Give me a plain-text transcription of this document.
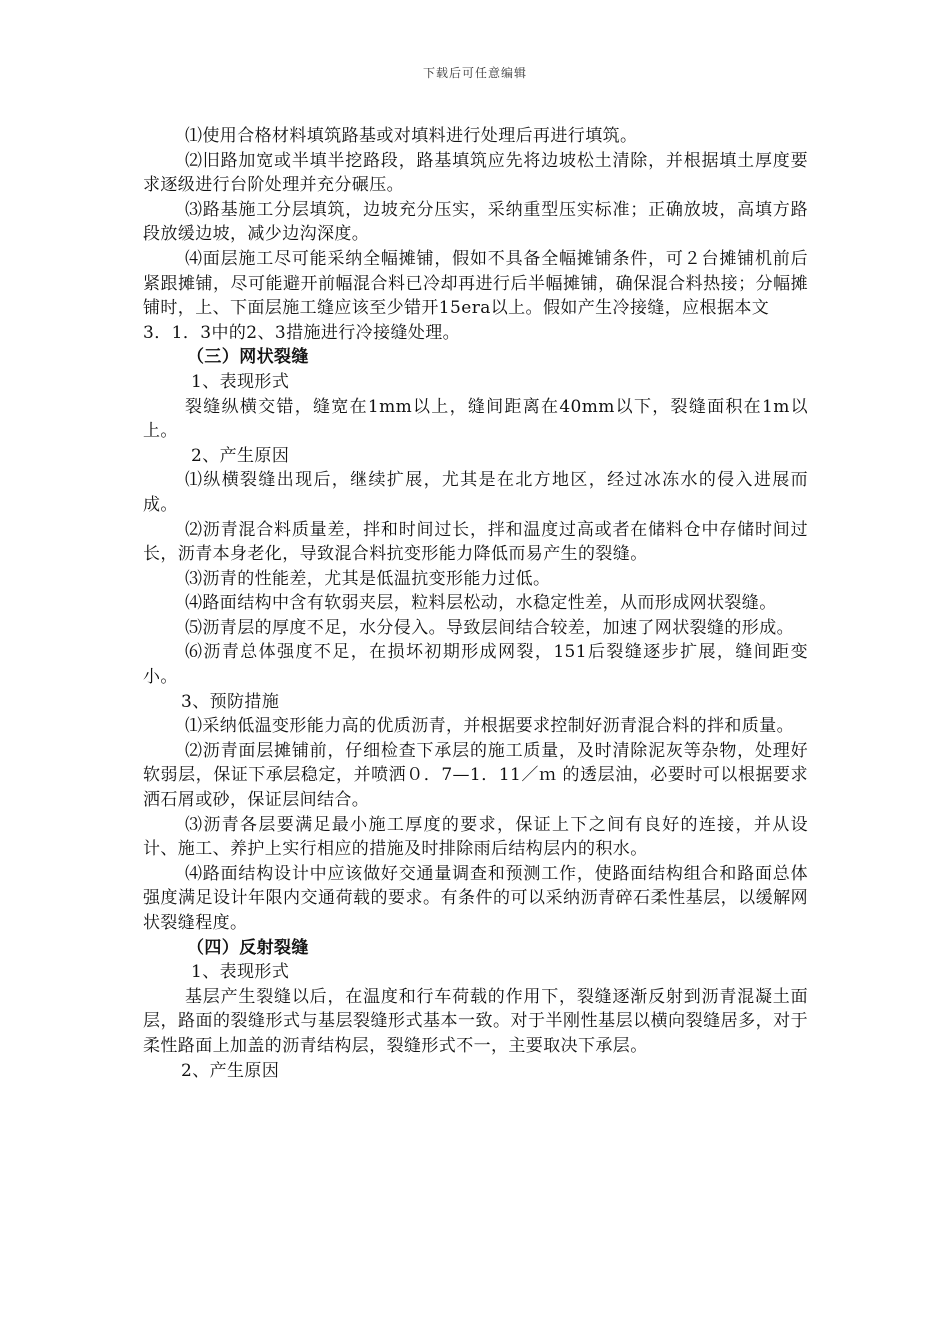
下载后可任意编辑

⑴使用合格材料填筑路基或对填料进行处理后再进行填筑。

⑵旧路加宽或半填半挖路段，路基填筑应先将边坡松土清除，并根据填土厚度要求逐级进行台阶处理并充分碾压。

⑶路基施工分层填筑，边坡充分压实，采纳重型压实标准；正确放坡，高填方路段放缓边坡，减少边沟深度。

⑷面层施工尽可能采纳全幅摊铺，假如不具备全幅摊铺条件，可２台摊铺机前后紧跟摊铺，尽可能避开前幅混合料已冷却再进行后半幅摊铺，确保混合料热接；分幅摊铺时，上、下面层施工缝应该至少错开15era以上。假如产生冷接缝，应根据本文

3．1．3中的2、3措施进行冷接缝处理。

（三）网状裂缝

1、表现形式

裂缝纵横交错，缝宽在1mm以上，缝间距离在40mm以下，裂缝面积在1m以上。

2、产生原因

⑴纵横裂缝出现后，继续扩展，尤其是在北方地区，经过冰冻水的侵入进展而成。

⑵沥青混合料质量差，拌和时间过长，拌和温度过高或者在储料仓中存储时间过长，沥青本身老化，导致混合料抗变形能力降低而易产生的裂缝。

⑶沥青的性能差，尤其是低温抗变形能力过低。

⑷路面结构中含有软弱夹层，粒料层松动，水稳定性差，从而形成网状裂缝。

⑸沥青层的厚度不足，水分侵入。导致层间结合较差，加速了网状裂缝的形成。

⑹沥青总体强度不足，在损坏初期形成网裂，151后裂缝逐步扩展，缝间距变小。

3、预防措施

⑴采纳低温变形能力高的优质沥青，并根据要求控制好沥青混合料的拌和质量。

⑵沥青面层摊铺前，仔细检查下承层的施工质量，及时清除泥灰等杂物，处理好软弱层，保证下承层稳定，并喷洒０．7—1．11／ｍ 的透层油，必要时可以根据要求洒石屑或砂，保证层间结合。

⑶沥青各层要满足最小施工厚度的要求，保证上下之间有良好的连接，并从设计、施工、养护上实行相应的措施及时排除雨后结构层内的积水。

⑷路面结构设计中应该做好交通量调查和预测工作，使路面结构组合和路面总体强度满足设计年限内交通荷载的要求。有条件的可以采纳沥青碎石柔性基层，以缓解网状裂缝程度。

（四）反射裂缝

1、表现形式

基层产生裂缝以后，在温度和行车荷载的作用下，裂缝逐渐反射到沥青混凝土面层，路面的裂缝形式与基层裂缝形式基本一致。对于半刚性基层以横向裂缝居多，对于柔性路面上加盖的沥青结构层，裂缝形式不一，主要取决下承层。

2、产生原因
